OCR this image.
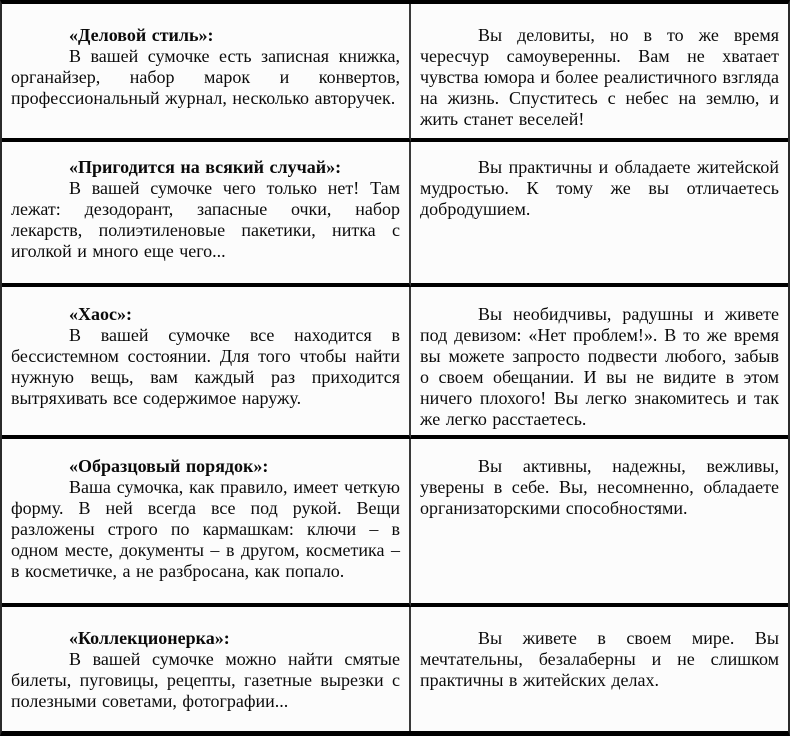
«Деловой стиль»:

В вашей сумочке есть записная книжка, органайзер, набор марок и конвертов, профессиональный журнал, несколько авторучек.	Вы деловиты, но в то же время чересчур самоуверенны. Вам не хватает чувства юмора и более реалистичного взгляда на жизнь. Спуститесь с небес на землю, и жить станет веселей!

«Пригодится на всякий случай»:

В вашей сумочке чего только нет! Там лежат: дезодорант, запасные очки, набор лекарств, полиэтиленовые пакетики, нитка с иголкой и много еще чего...	Вы практичны и обладаете житейской мудростью. К тому же вы отличаетесь добродушием.

«Хаос»:

В вашей сумочке все находится в бессистемном состоянии. Для того чтобы найти нужную вещь, вам каждый раз приходится вытряхивать все содержимое наружу.	Вы необидчивы, радушны и живете под девизом: «Нет проблем!». В то же время вы можете запросто подвести любого, забыв о своем обещании. И вы не видите в этом ничего плохого! Вы легко знакомитесь и так же легко расстаетесь.

«Образцовый порядок»:

Ваша сумочка, как правило, имеет четкую форму. В ней всегда все под рукой. Вещи разложены строго по кармашкам: ключи – в одном месте, документы – в другом, косметика – в косметичке, а не разбросана, как попало.	Вы активны, надежны, вежливы, уверены в себе. Вы, несомненно, обладаете организаторскими способностями.

«Коллекционерка»:

В вашей сумочке можно найти смятые билеты, пуговицы, рецепты, газетные вырезки с полезными советами, фотографии...	Вы живете в своем мире. Вы мечтательны, безалаберны и не слишком практичны в житейских делах.
